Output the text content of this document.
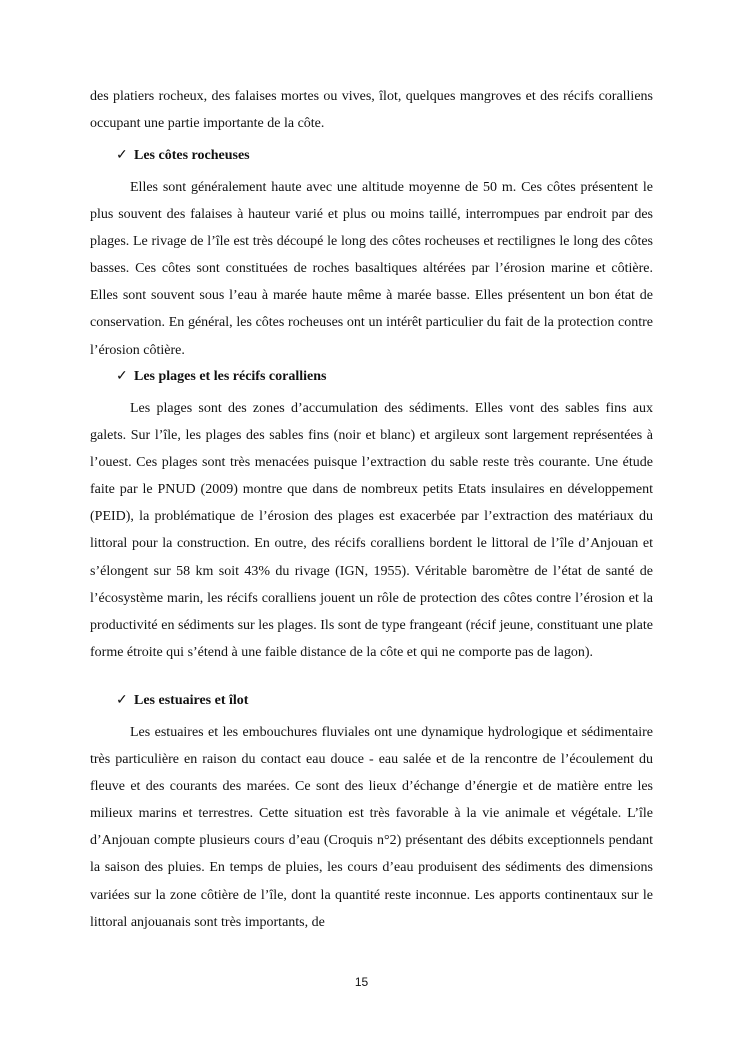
des platiers rocheux, des falaises mortes ou vives, îlot, quelques mangroves et des récifs coralliens occupant une partie importante de la côte.

✓ Les côtes rocheuses

Elles sont généralement haute avec une altitude moyenne de 50 m. Ces côtes présentent le plus souvent des falaises à hauteur varié et plus ou moins taillé, interrompues par endroit par des plages. Le rivage de l’île est très découpé le long des côtes rocheuses et rectilignes le long des côtes basses. Ces côtes sont constituées de roches basaltiques altérées par l’érosion marine et côtière. Elles sont souvent sous l’eau à marée haute même à marée basse. Elles présentent un bon état de conservation. En général, les côtes rocheuses ont un intérêt particulier du fait de la protection contre l’érosion côtière.

✓ Les plages et les récifs coralliens

Les plages sont des zones d’accumulation des sédiments. Elles vont des sables fins aux galets. Sur l’île, les plages des sables fins (noir et blanc) et argileux sont largement représentées à l’ouest. Ces plages sont très menacées puisque l’extraction du sable reste très courante. Une étude faite par le PNUD (2009) montre que dans de nombreux petits Etats insulaires en développement (PEID), la problématique de l’érosion des plages est exacerbée par l’extraction des matériaux du littoral pour la construction. En outre, des récifs coralliens bordent le littoral de l’île d’Anjouan et s’élongent sur 58 km soit 43% du rivage (IGN, 1955). Véritable baromètre de l’état de santé de l’écosystème marin, les récifs coralliens jouent un rôle de protection des côtes contre l’érosion et la productivité en sédiments sur les plages. Ils sont de type frangeant (récif jeune, constituant une plate forme étroite qui s’étend à une faible distance de la côte et qui ne comporte pas de lagon).

✓ Les estuaires et îlot

Les estuaires et les embouchures fluviales ont une dynamique hydrologique et sédimentaire très particulière en raison du contact eau douce - eau salée et de la rencontre de l’écoulement du fleuve et des courants des marées. Ce sont des lieux d’échange d’énergie et de matière entre les milieux marins et terrestres. Cette situation est très favorable à la vie animale et végétale. L’île d’Anjouan compte plusieurs cours d’eau (Croquis n°2) présentant des débits exceptionnels pendant la saison des pluies. En temps de pluies, les cours d’eau produisent des sédiments des dimensions variées sur la zone côtière de l’île, dont la quantité reste inconnue. Les apports continentaux sur le littoral anjouanais sont très importants, de

15
